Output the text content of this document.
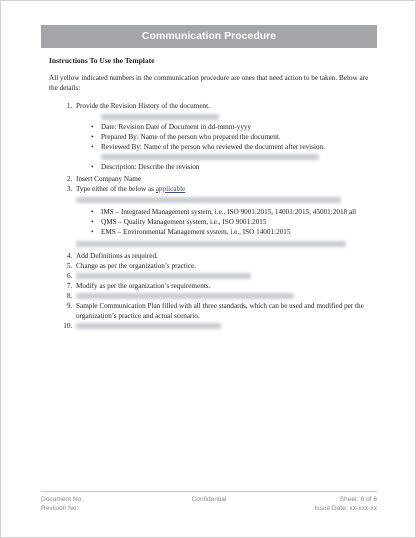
Communication Procedure
Instructions To Use the Template

All yellow indicated numbers in the communication procedure are ones that need action to be taken. Below are the details:

1. Provide the Revision History of the document.
• Date: Revision Date of Document in dd-mmm-yyyy
• Prepared By: Name of the person who prepared the document.
• Reviewed By: Name of the person who reviewed the document after revision.
• Description: Describe the revision
2. Insert Company Name
3. Type either of the below as applicable
• IMS – Integrated Management system, i.e., ISO 9001:2015, 14001:2015, 45001:2018 all
• QMS – Quality Management system, i.e., ISO 9001:2015
• EMS – Environmental Management system, i.e., ISO 14001:2015
4. Add Definitions as required.
5. Change as per the organization’s practice.
6.
7. Modify as per the organization’s requirements.
8.
9. Sample Communication Plan filled with all three standards, which can be used and modified per the organization’s practice and actual scenario.
10.
Document No:
Revision No:
Confidential	Sheet: 6 of 6
Issue Date: xx-xxx-xx
